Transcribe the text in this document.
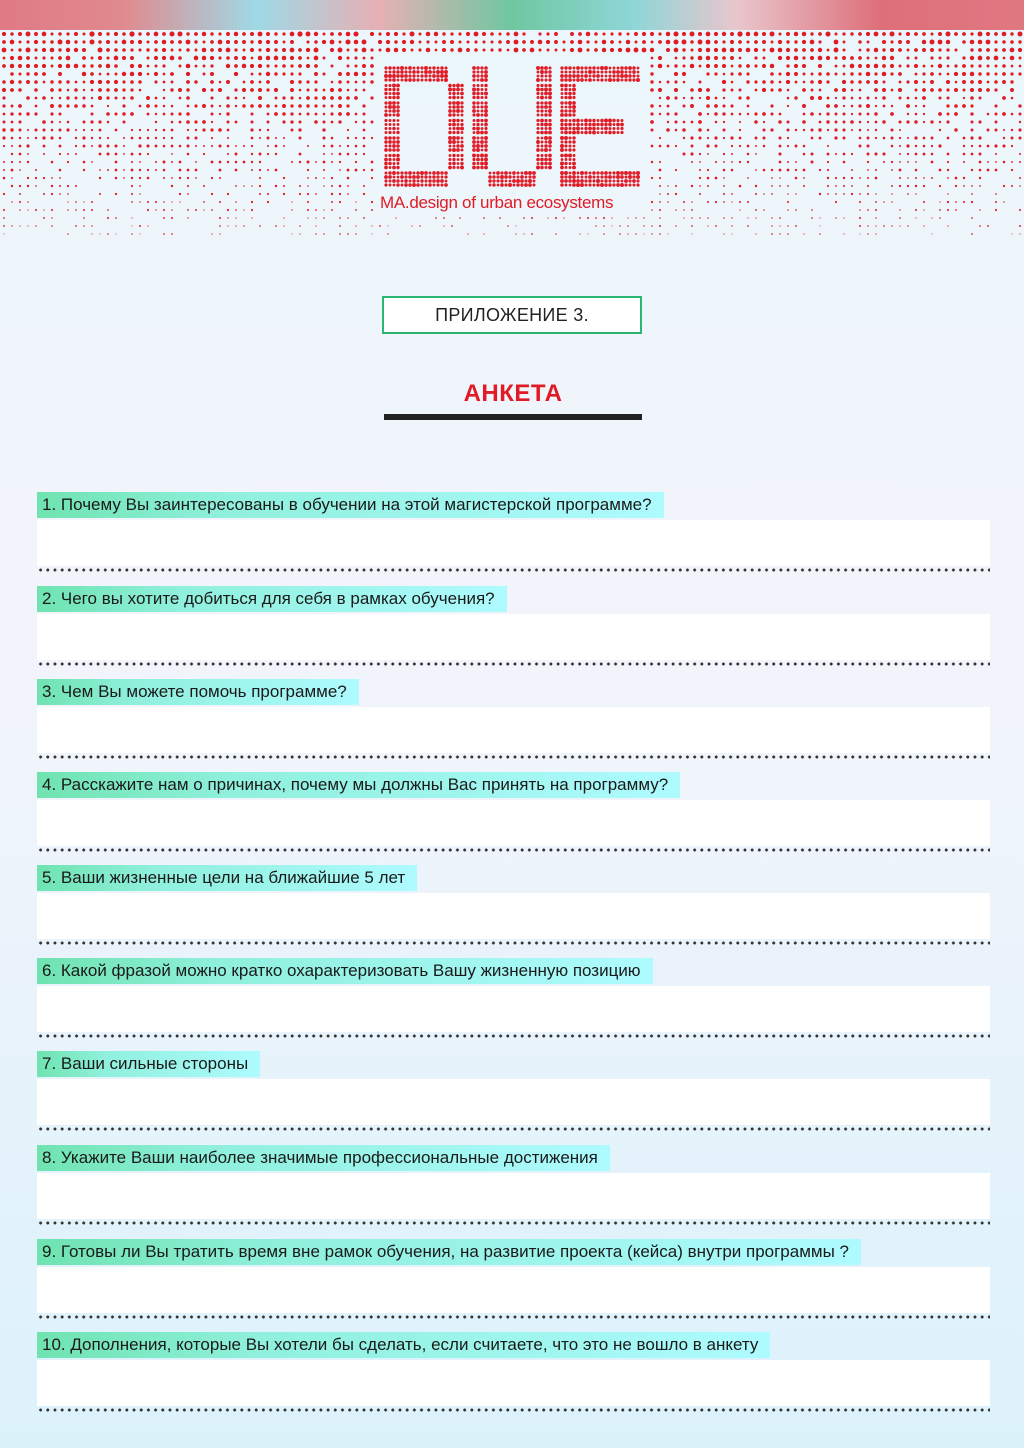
MA.design of urban ecosystems
ПРИЛОЖЕНИЕ 3.
АНКЕТА
1. Почему Вы заинтересованы в обучении на этой магистерской программе?
2. Чего вы хотите добиться для себя в рамках обучения?
3. Чем Вы можете помочь программе?
4. Расскажите нам о причинах, почему мы должны Вас принять на программу?
5. Ваши жизненные цели на ближайшие 5 лет
6. Какой фразой можно кратко охарактеризовать Вашу жизненную позицию
7. Ваши сильные стороны
8. Укажите Ваши наиболее значимые профессиональные достижения
9. Готовы ли Вы тратить время вне рамок обучения, на развитие проекта (кейса) внутри программы ?
10. Дополнения, которые Вы хотели бы сделать, если считаете, что это не вошло в анкету
